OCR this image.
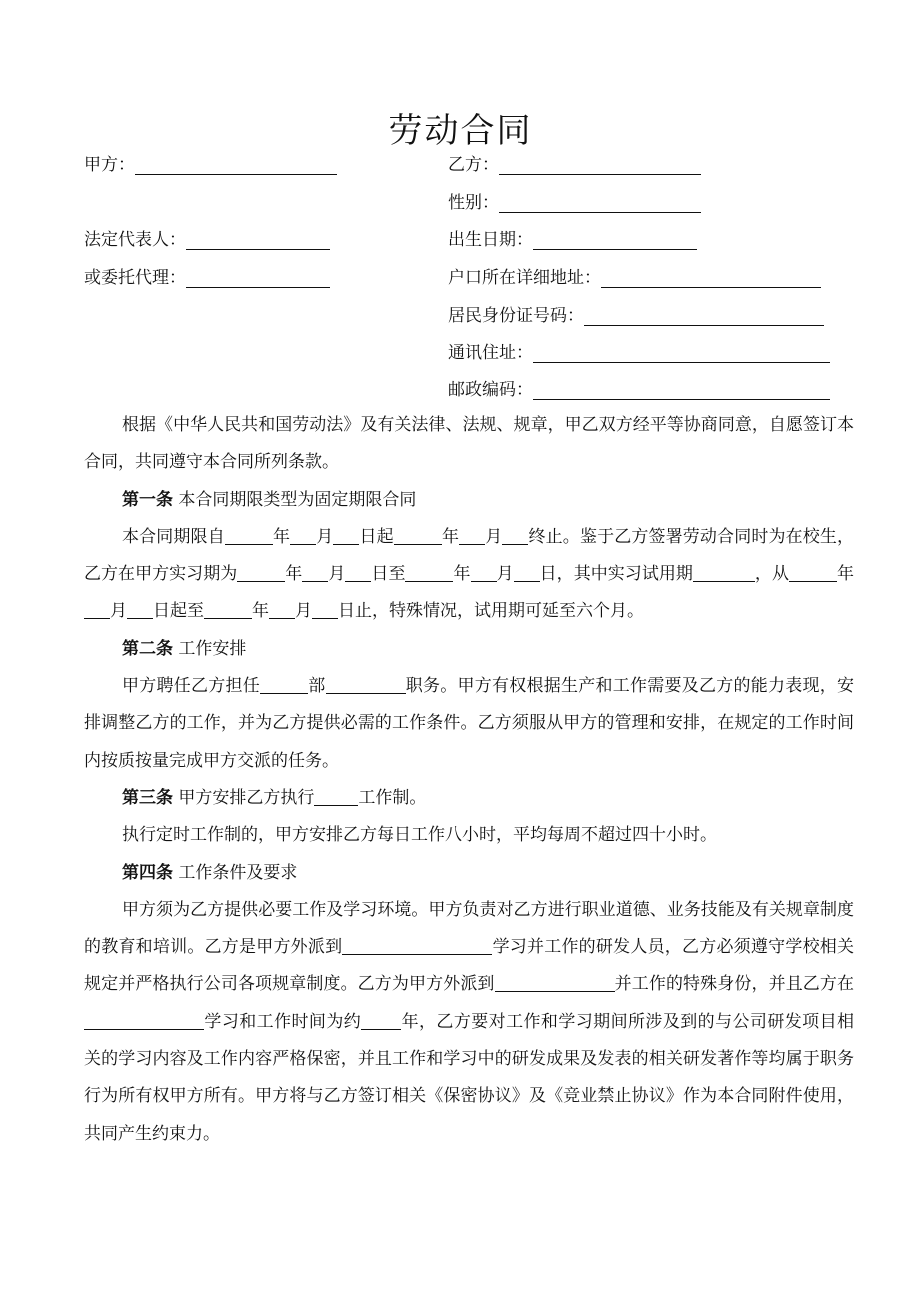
劳动合同
甲方：
法定代表人：
或委托代理：
乙方：
性别：
出生日期：
户口所在详细地址：
居民身份证号码：
通讯住址：
邮政编码：

根据《中华人民共和国劳动法》及有关法律、法规、规章，甲乙双方经平等协商同意，自愿签订本合同，共同遵守本合同所列条款。

第一条 本合同期限类型为固定期限合同

本合同期限自	年 月 日起	年 月 终止。鉴于乙方签署劳动合同时为在校生，乙方在甲方实习期为	年 月 日至	年 月 日，其中实习试用期	，从	年月 日起至	年 月 日止，特殊情况，试用期可延至六个月。

第二条 工作安排

甲方聘任乙方担任	部	职务。甲方有权根据生产和工作需要及乙方的能力表现，安排调整乙方的工作，并为乙方提供必需的工作条件。乙方须服从甲方的管理和安排，在规定的工作时间内按质按量完成甲方交派的任务。

第三条 甲方安排乙方执行	工作制。

执行定时工作制的，甲方安排乙方每日工作八小时，平均每周不超过四十小时。

第四条 工作条件及要求

甲方须为乙方提供必要工作及学习环境。甲方负责对乙方进行职业道德、业务技能及有关规章制度的教育和培训。乙方是甲方外派到	学习并工作的研发人员，乙方必须遵守学校相关规定并严格执行公司各项规章制度。乙方为甲方外派到	并工作的特殊身份，并且乙方在学习和工作时间为约 年，乙方要对工作和学习期间所涉及到的与公司研发项目相关的学习内容及工作内容严格保密，并且工作和学习中的研发成果及发表的相关研发著作等均属于职务行为所有权甲方所有。甲方将与乙方签订相关《保密协议》及《竞业禁止协议》作为本合同附件使用，共同产生约束力。
